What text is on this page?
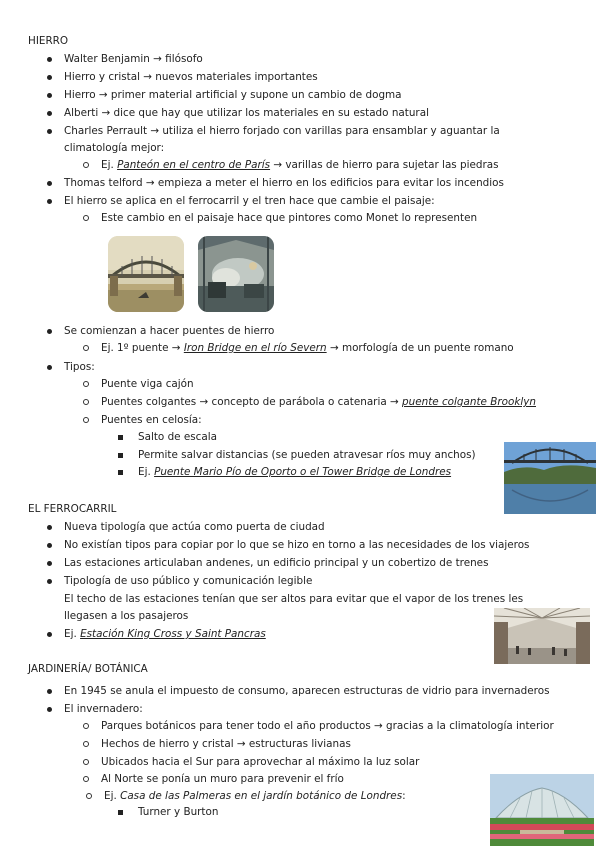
HIERRO
Walter Benjamin → filósofo
Hierro y cristal → nuevos materiales importantes
Hierro → primer material artificial y supone un cambio de dogma
Alberti → dice que hay que utilizar los materiales en su estado natural
Charles Perrault → utiliza el hierro forjado con varillas para ensamblar y aguantar la
climatología mejor:
Ej. Panteón en el centro de París → varillas de hierro para sujetar las piedras
Thomas telford → empieza a meter el hierro en los edificios para evitar los incendios
El hierro se aplica en el ferrocarril y el tren hace que cambie el paisaje:
Este cambio en el paisaje hace que pintores como Monet lo representen
Se comienzan a hacer puentes de hierro
Ej. 1º puente → Iron Bridge en el río Severn → morfología de un puente romano
Tipos:
Puente viga cajón
Puentes colgantes → concepto de parábola o catenaria → puente colgante Brooklyn
Puentes en celosía:
Salto de escala
Permite salvar distancias (se pueden atravesar ríos muy anchos)
Ej. Puente Mario Pío de Oporto o el Tower Bridge de Londres
EL FERROCARRIL
Nueva tipología que actúa como puerta de ciudad
No existían tipos para copiar por lo que se hizo en torno a las necesidades de los viajeros
Las estaciones articulaban andenes, un edificio principal y un cobertizo de trenes
Tipología de uso público y comunicación legible
El techo de las estaciones tenían que ser altos para evitar que el vapor de los trenes les
llegasen a los pasajeros
Ej. Estación King Cross y Saint Pancras
JARDINERÍA/ BOTÁNICA
En 1945 se anula el impuesto de consumo, aparecen estructuras de vidrio para invernaderos
El invernadero:
Parques botánicos para tener todo el año productos → gracias a la climatología interior
Hechos de hierro y cristal → estructuras livianas
Ubicados hacia el Sur para aprovechar al máximo la luz solar
Al Norte se ponía un muro para prevenir el frío
Ej. Casa de las Palmeras en el jardín botánico de Londres:
Turner y Burton
